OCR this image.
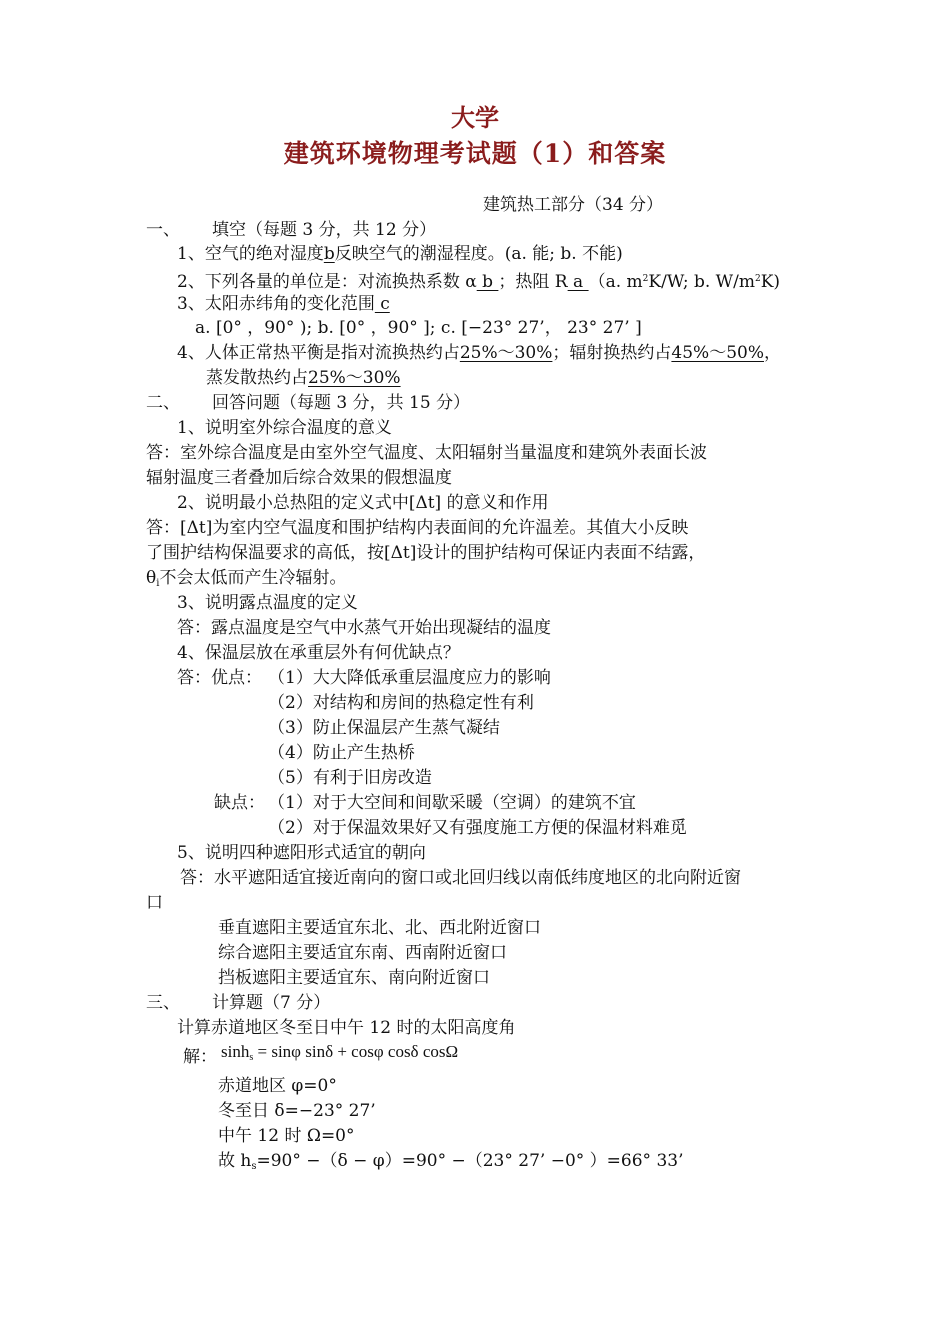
大学
建筑环境物理考试题（1）和答案
建筑热工部分（34 分）
一、 填空（每题 3 分，共 12 分）
1、空气的绝对湿度b反映空气的潮湿程度。(a. 能; b. 不能)
2、下列各量的单位是：对流换热系数 α b ；热阻 R a （a. $m^2K/W$; b. $W/m^2K$)
3、太阳赤纬角的变化范围 c
a. [0° ，90° ); b. [0° ，90° ]; c. [−23° 27’， 23° 27’ ]
4、人体正常热平衡是指对流换热约占25%～30%；辐射换热约占45%～50%，
蒸发散热约占25%～30%
二、 回答问题（每题 3 分，共 15 分）
1、说明室外综合温度的意义
答：室外综合温度是由室外空气温度、太阳辐射当量温度和建筑外表面长波
辐射温度三者叠加后综合效果的假想温度
2、说明最小总热阻的定义式中[Δt] 的意义和作用
答：[Δt]为室内空气温度和围护结构内表面间的允许温差。其值大小反映
了围护结构保温要求的高低，按[Δt]设计的围护结构可保证内表面不结露，
$\theta_i$不会太低而产生冷辐射。
3、说明露点温度的定义
答：露点温度是空气中水蒸气开始出现凝结的温度
4、保温层放在承重层外有何优缺点？
答：优点： （1）大大降低承重层温度应力的影响
（2）对结构和房间的热稳定性有利
（3）防止保温层产生蒸气凝结
（4）防止产生热桥
（5）有利于旧房改造
缺点： （1）对于大空间和间歇采暖（空调）的建筑不宜
（2）对于保温效果好又有强度施工方便的保温材料难觅
5、说明四种遮阳形式适宜的朝向
答：水平遮阳适宜接近南向的窗口或北回归线以南低纬度地区的北向附近窗
口
垂直遮阳主要适宜东北、北、西北附近窗口
综合遮阳主要适宜东南、西南附近窗口
挡板遮阳主要适宜东、南向附近窗口
三、 计算题（7 分）
计算赤道地区冬至日中午 12 时的太阳高度角
解： $\sinh_s = \sin\varphi$ sinδ + cosφ cosδ cosΩ
赤道地区 φ=0°
冬至日 δ=−23° 27’
中午 12 时 Ω=0°
故 $h_s=90^\circ -(\delta - \varphi)=90^\circ -(23^\circ$ 27’ −0° ）=66° 33’
